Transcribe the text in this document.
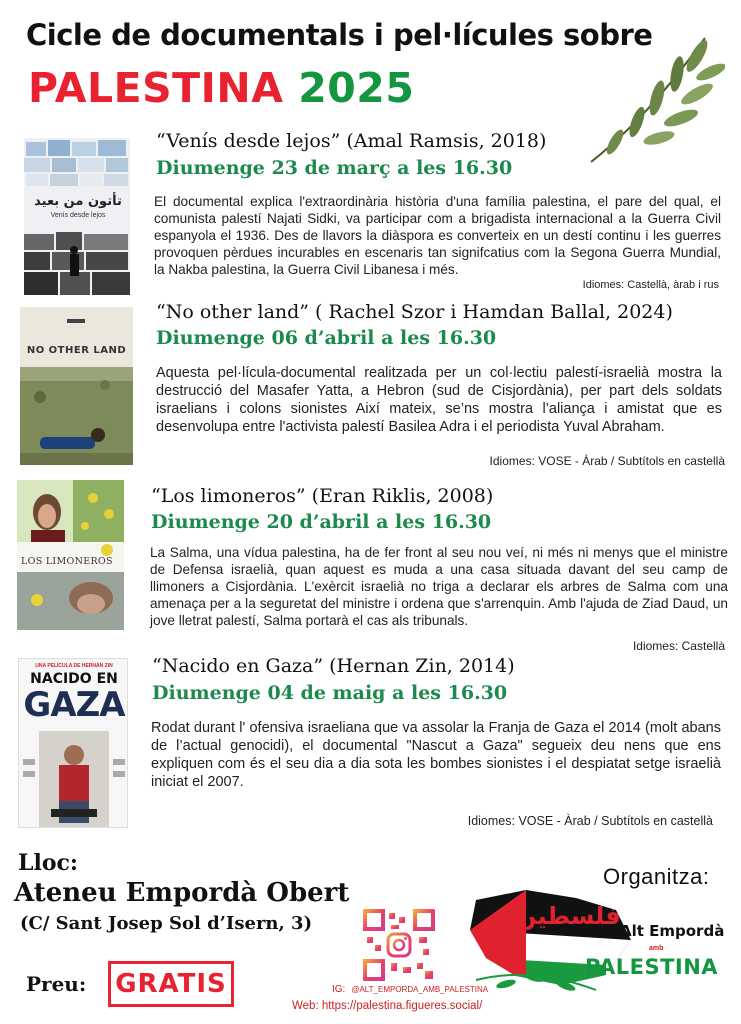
Cicle de documentals i pel·lícules sobre
PALESTINA 2025
تأتون من بعيد
Venís desde lejos
“Venís desde lejos” (Amal Ramsis, 2018)
Diumenge 23 de març a les 16.30
El documental explica l'extraordinària història d'una família palestina, el pare del qual, el comunista palestí Najati Sidki, va participar com a brigadista internacional a la Guerra Civil espanyola el 1936. Des de llavors la diàspora es converteix en un destí continu i les guerres provoquen pèrdues incurables en escenaris tan signifcatius com la Segona Guerra Mundial, la Nakba palestina, la Guerra Civil Libanesa i més.
Idiomes: Castellà, àrab i rus
NO OTHER LAND
“No other land” ( Rachel Szor i Hamdan Ballal, 2024)
Diumenge 06 d’abril a les 16.30
Aquesta pel·lícula-documental realitzada per un col·lectiu palestí-israelià mostra la destrucció del Masafer Yatta, a Hebron (sud de Cisjordània), per part dels soldats israelians i colons sionistes Així mateix, se’ns mostra l’aliança i amistat que es desenvolupa entre l'activista palestí Basilea Adra i el periodista Yuval Abraham.
Idiomes: VOSE - Àrab / Subtítols en castellà
LOS LIMONEROS
“Los limoneros” (Eran Riklis, 2008)
Diumenge 20 d’abril a les 16.30
La Salma, una vídua palestina, ha de fer front al seu nou veí, ni més ni menys que el ministre de Defensa israelià, quan aquest es muda a una casa situada davant del seu camp de llimoners a Cisjordània. L'exèrcit israelià no triga a declarar els arbres de Salma com una amenaça per a la seguretat del ministre i ordena que s'arrenquin. Amb l'ajuda de Ziad Daud, un jove lletrat palestí, Salma portarà el cas als tribunals.
Idiomes: Castellà
UNA PELÍCULA DE HERNÁN ZIN
NACIDO EN
GAZA
“Nacido en Gaza” (Hernan Zin, 2014)
Diumenge 04 de maig a les 16.30
Rodat durant l' ofensiva israeliana que va assolar la Franja de Gaza el 2014 (molt abans de l’actual genocidi), el documental "Nascut a Gaza" segueix deu nens que ens expliquen com és el seu dia a dia sota les bombes sionistes i el despiatat setge israelià iniciat el 2007.
Idiomes: VOSE - Àrab / Subtítols en castellà
Lloc:
Ateneu Empordà Obert
(C/ Sant Josep Sol d’Isern, 3)
Preu: GRATIS	IG: @ALT_EMPORDA_AMB_PALESTINA
Web: https://palestina.figueres.social/
Organitza:
فلسطين
Alt Empordà
amb
PALESTINA
